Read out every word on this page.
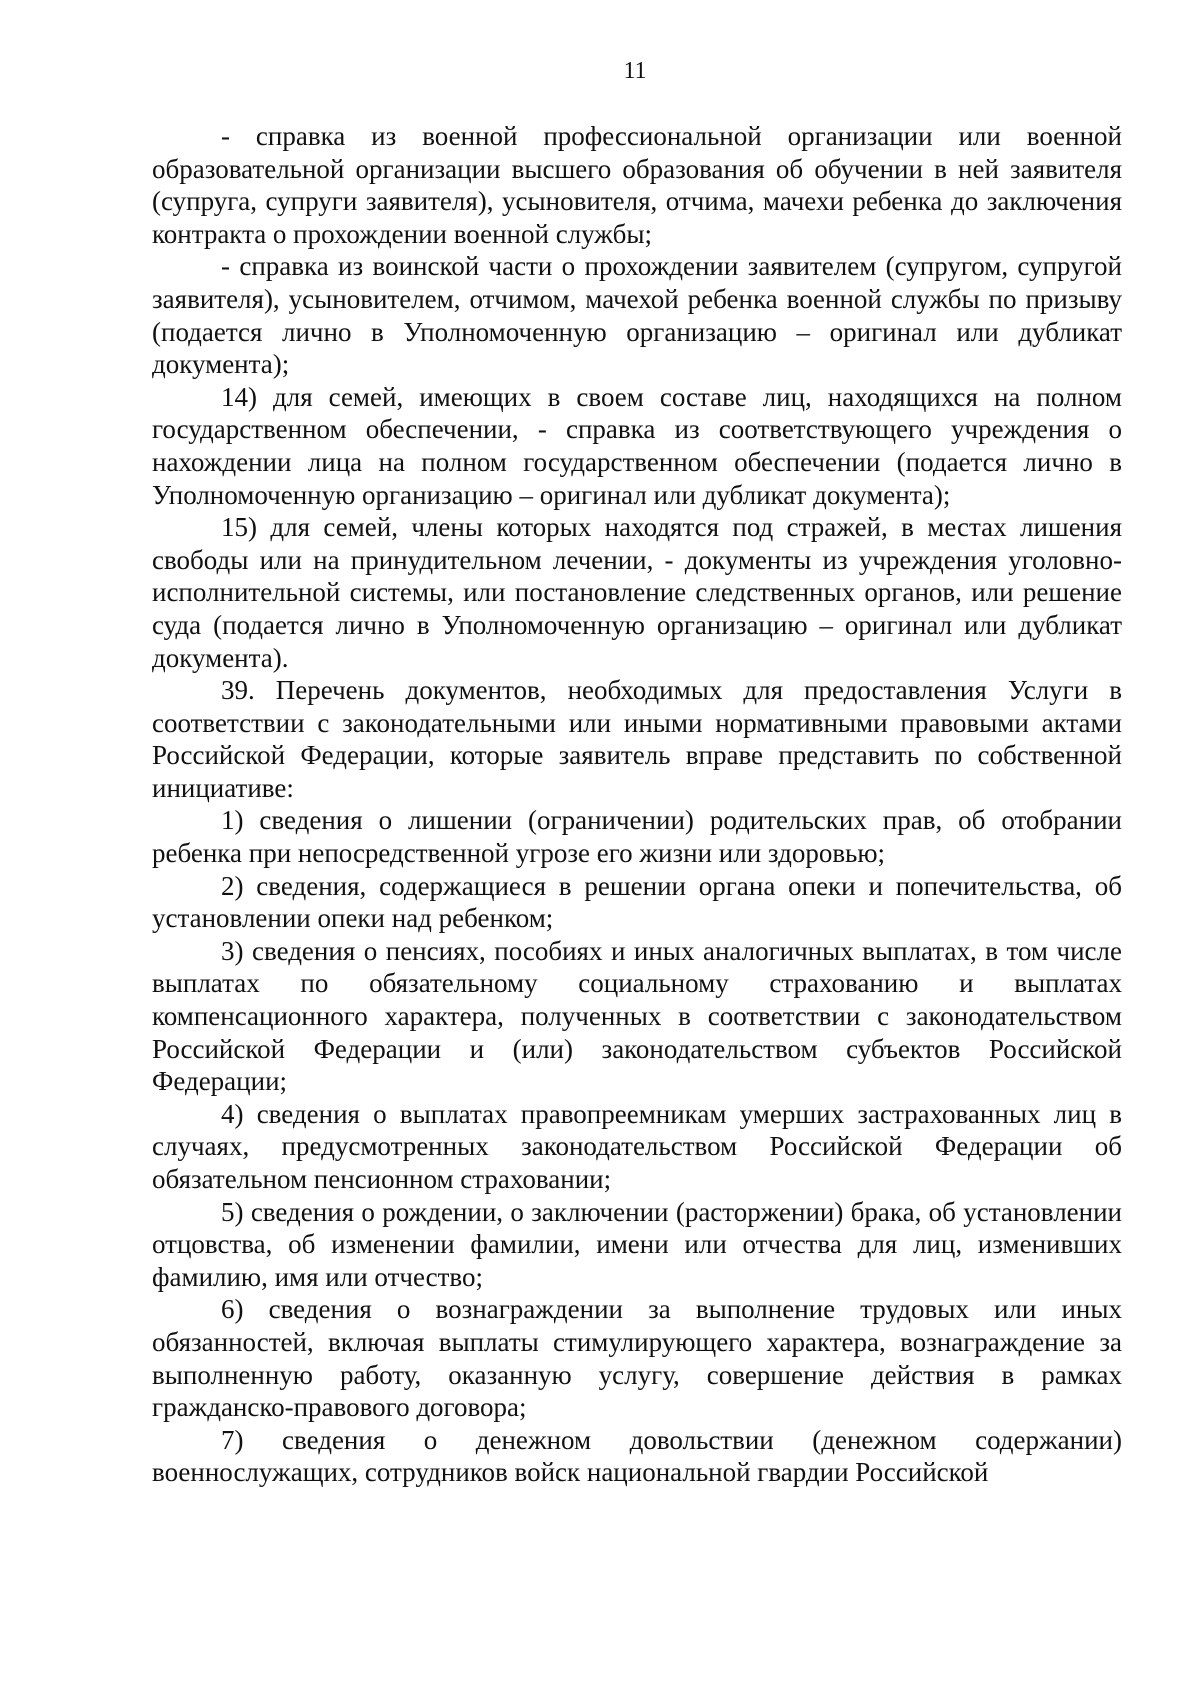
11

- справка из военной профессиональной организации или военной образовательной организации высшего образования об обучении в ней заявителя (супруга, супруги заявителя), усыновителя, отчима, мачехи ребенка до заключения контракта о прохождении военной службы;

- справка из воинской части о прохождении заявителем (супругом, супругой заявителя), усыновителем, отчимом, мачехой ребенка военной службы по призыву (подается лично в Уполномоченную организацию – оригинал или дубликат документа);

14) для семей, имеющих в своем составе лиц, находящихся на полном государственном обеспечении, - справка из соответствующего учреждения о нахождении лица на полном государственном обеспечении (подается лично в Уполномоченную организацию – оригинал или дубликат документа);

15) для семей, члены которых находятся под стражей, в местах лишения свободы или на принудительном лечении, - документы из учреждения уголовно-исполнительной системы, или постановление следственных органов, или решение суда (подается лично в Уполномоченную организацию – оригинал или дубликат документа).

39. Перечень документов, необходимых для предоставления Услуги в соответствии с законодательными или иными нормативными правовыми актами Российской Федерации, которые заявитель вправе представить по собственной инициативе:

1) сведения о лишении (ограничении) родительских прав, об отобрании ребенка при непосредственной угрозе его жизни или здоровью;

2) сведения, содержащиеся в решении органа опеки и попечительства, об установлении опеки над ребенком;

3) сведения о пенсиях, пособиях и иных аналогичных выплатах, в том числе выплатах по обязательному социальному страхованию и выплатах компенсационного характера, полученных в соответствии с законодательством Российской Федерации и (или) законодательством субъектов Российской Федерации;

4) сведения о выплатах правопреемникам умерших застрахованных лиц в случаях, предусмотренных законодательством Российской Федерации об обязательном пенсионном страховании;

5) сведения о рождении, о заключении (расторжении) брака, об установлении отцовства, об изменении фамилии, имени или отчества для лиц, изменивших фамилию, имя или отчество;

6) сведения о вознаграждении за выполнение трудовых или иных обязанностей, включая выплаты стимулирующего характера, вознаграждение за выполненную работу, оказанную услугу, совершение действия в рамках гражданско-правового договора;

7) сведения о денежном довольствии (денежном содержании) военнослужащих, сотрудников войск национальной гвардии Российской
